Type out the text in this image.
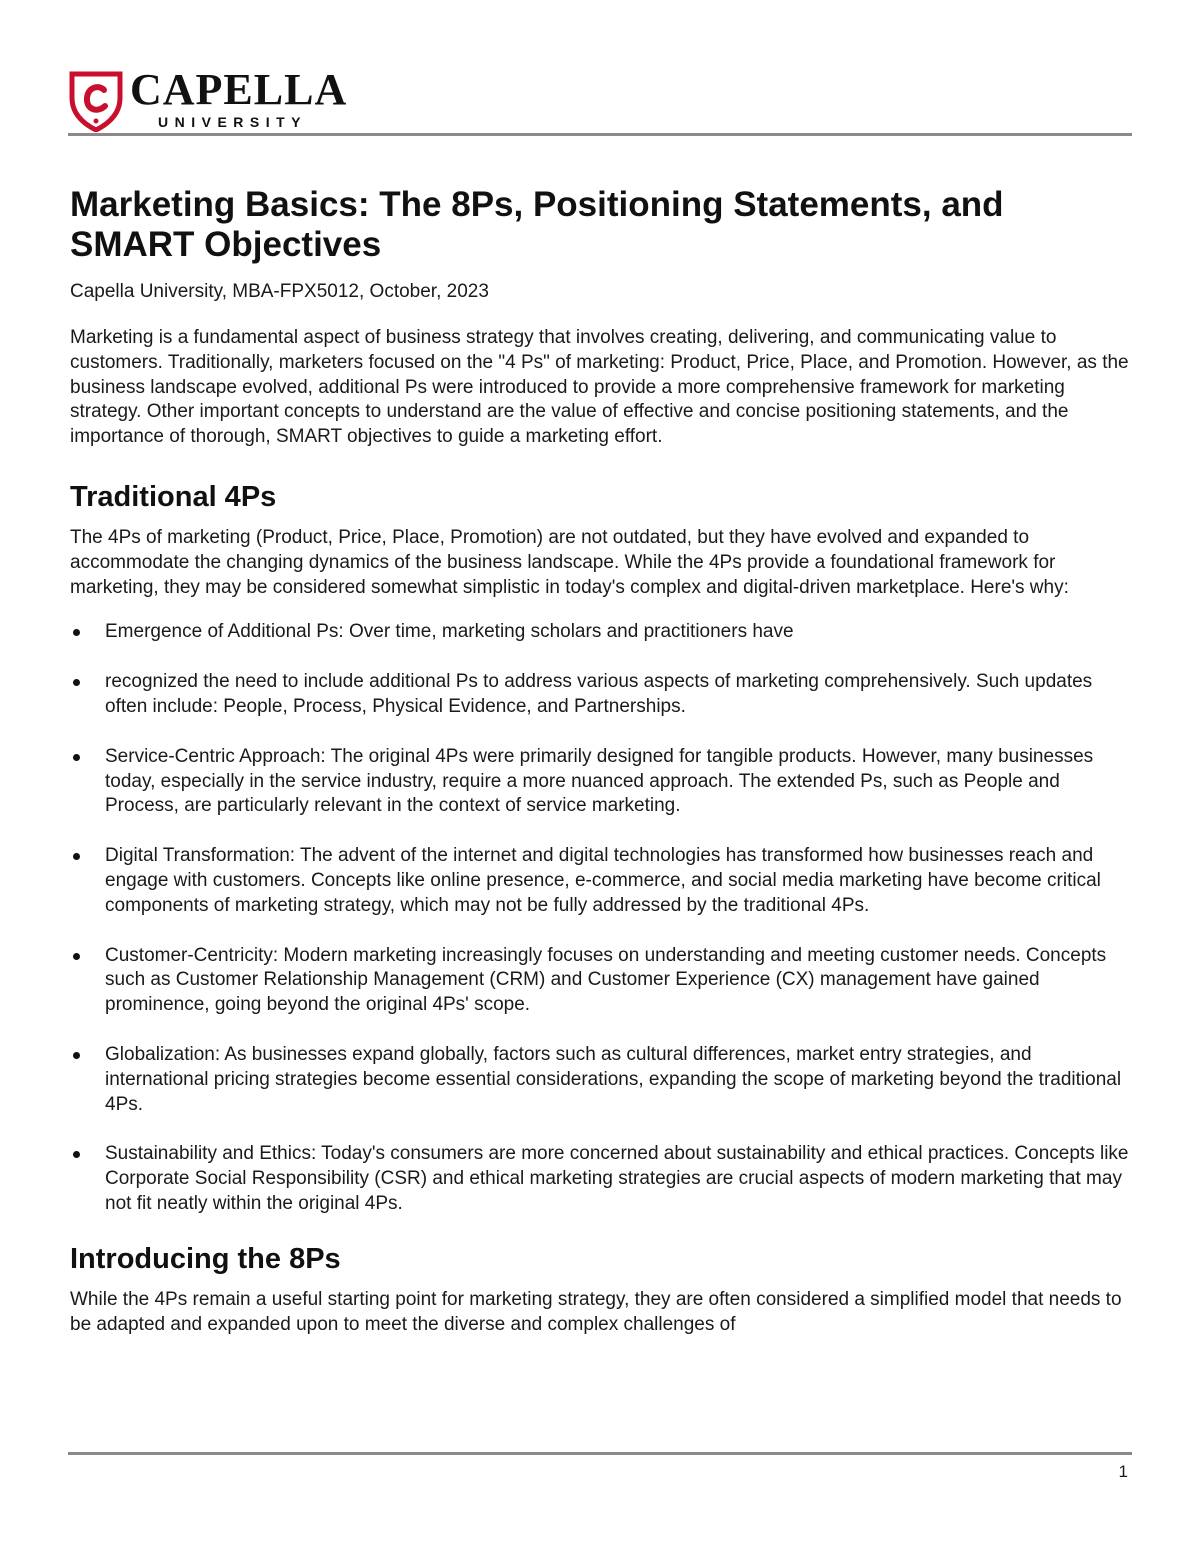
CAPELLA
UNIVERSITY
Marketing Basics: The 8Ps, Positioning Statements, and SMART Objectives
Capella University, MBA-FPX5012, October, 2023

Marketing is a fundamental aspect of business strategy that involves creating, delivering, and communicating value to customers. Traditionally, marketers focused on the "4 Ps" of marketing: Product, Price, Place, and Promotion. However, as the business landscape evolved, additional Ps were introduced to provide a more comprehensive framework for marketing strategy. Other important concepts to understand are the value of effective and concise positioning statements, and the importance of thorough, SMART objectives to guide a marketing effort.

Traditional 4Ps

The 4Ps of marketing (Product, Price, Place, Promotion) are not outdated, but they have evolved and expanded to accommodate the changing dynamics of the business landscape. While the 4Ps provide a foundational framework for marketing, they may be considered somewhat simplistic in today's complex and digital-driven marketplace. Here's why:

Emergence of Additional Ps: Over time, marketing scholars and practitioners have
recognized the need to include additional Ps to address various aspects of marketing comprehensively. Such updates often include: People, Process, Physical Evidence, and Partnerships.
Service-Centric Approach: The original 4Ps were primarily designed for tangible products. However, many businesses today, especially in the service industry, require a more nuanced approach. The extended Ps, such as People and Process, are particularly relevant in the context of service marketing.
Digital Transformation: The advent of the internet and digital technologies has transformed how businesses reach and engage with customers. Concepts like online presence, e-commerce, and social media marketing have become critical components of marketing strategy, which may not be fully addressed by the traditional 4Ps.
Customer-Centricity: Modern marketing increasingly focuses on understanding and meeting customer needs. Concepts such as Customer Relationship Management (CRM) and Customer Experience (CX) management have gained prominence, going beyond the original 4Ps' scope.
Globalization: As businesses expand globally, factors such as cultural differences, market entry strategies, and international pricing strategies become essential considerations, expanding the scope of marketing beyond the traditional 4Ps.
Sustainability and Ethics: Today's consumers are more concerned about sustainability and ethical practices. Concepts like Corporate Social Responsibility (CSR) and ethical marketing strategies are crucial aspects of modern marketing that may not fit neatly within the original 4Ps.
Introducing the 8Ps

While the 4Ps remain a useful starting point for marketing strategy, they are often considered a simplified model that needs to be adapted and expanded upon to meet the diverse and complex challenges of

1
